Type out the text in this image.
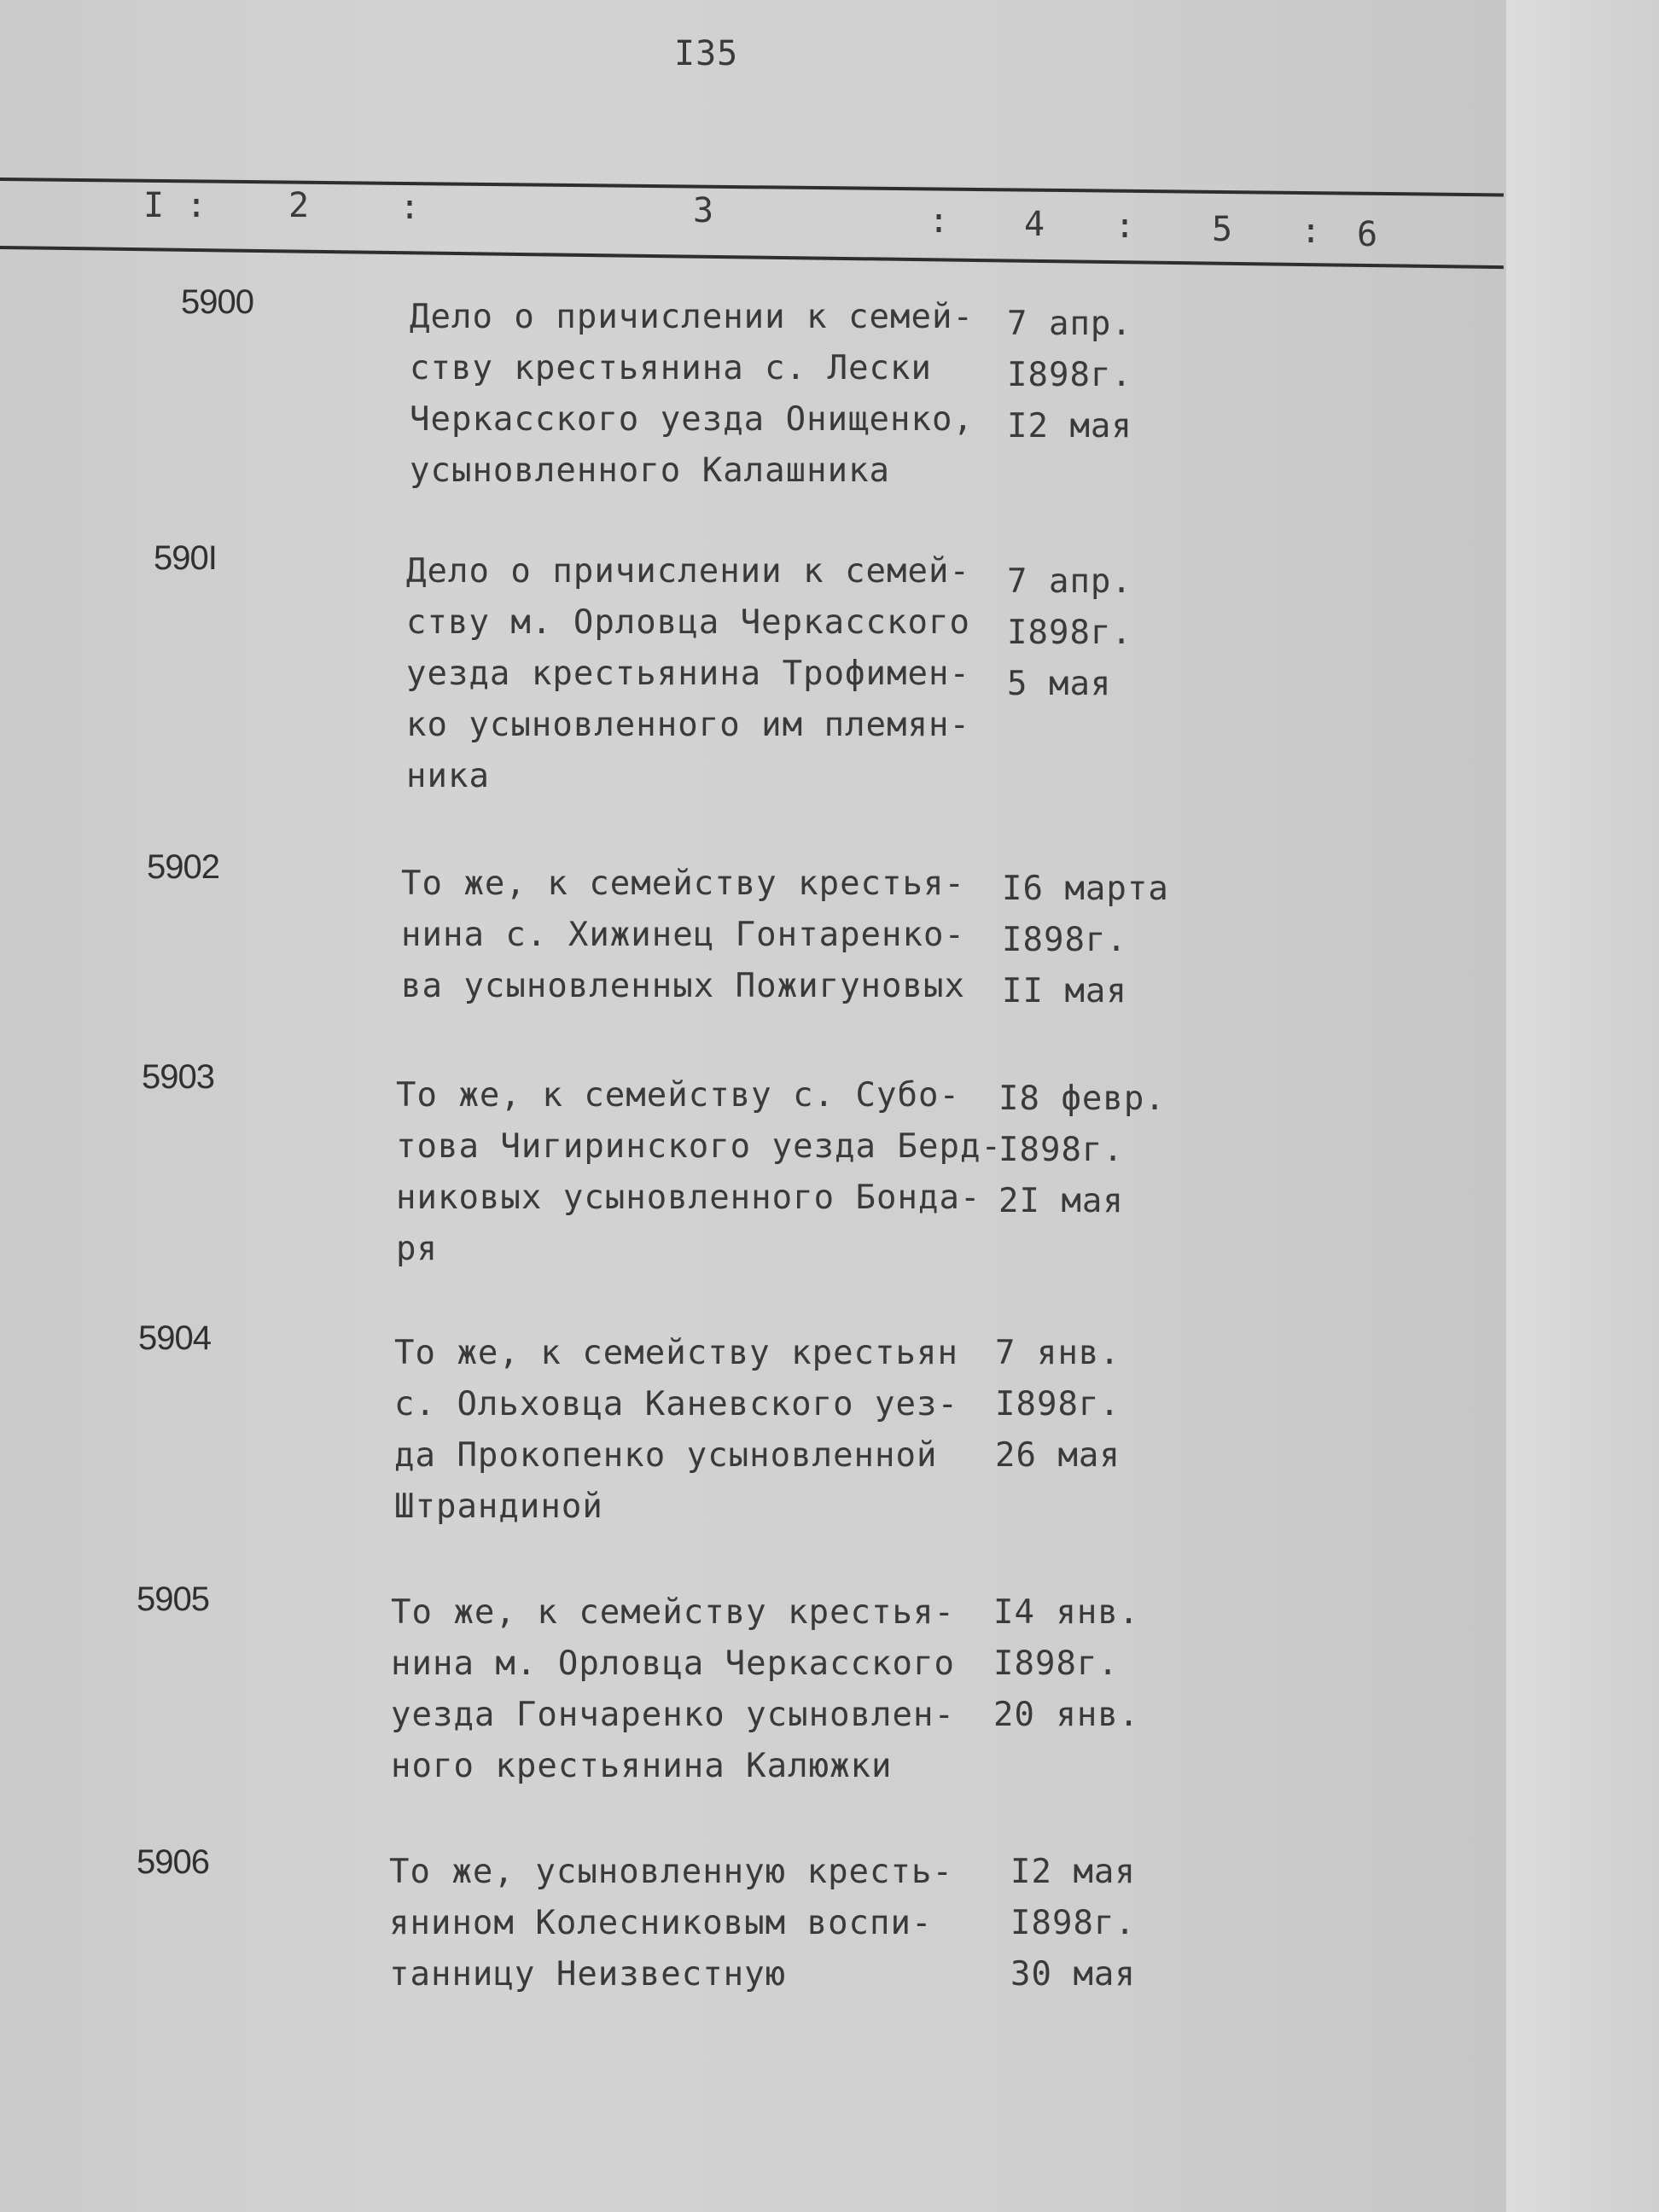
I35
I : 2	:	3	: 4 : 5 : 6
5900	Дело о причислении к семей-
ству крестьянина с. Лески
Черкасского уезда Онищенко,
усыновленного Калашника
7 апр.
I898г.
I2 мая
590I	Дело о причислении к семей-
ству м. Орловца Черкасского
уезда крестьянина Трофимен-
ко усыновленного им племян-
ника
7 апр.
I898г.
5 мая
5902	То же, к семейству крестья-
нина с. Хижинец Гонтаренко-
ва усыновленных Пожигуновых
I6 марта
I898г.
II мая
5903	То же, к семейству с. Субо-
това Чигиринского уезда Берд-
никовых усыновленного Бонда-
ря
I8 февр.
I898г.
2I мая
5904	То же, к семейству крестьян
с. Ольховца Каневского уез-
да Прокопенко усыновленной
Штрандиной
7 янв.
I898г.
26 мая
5905	То же, к семейству крестья-
нина м. Орловца Черкасского
уезда Гончаренко усыновлен-
ного крестьянина Калюжки
I4 янв.
I898г.
20 янв.
5906	То же, усыновленную кресть-
янином Колесниковым воспи-
танницу Неизвестную
I2 мая
I898г.
30 мая
